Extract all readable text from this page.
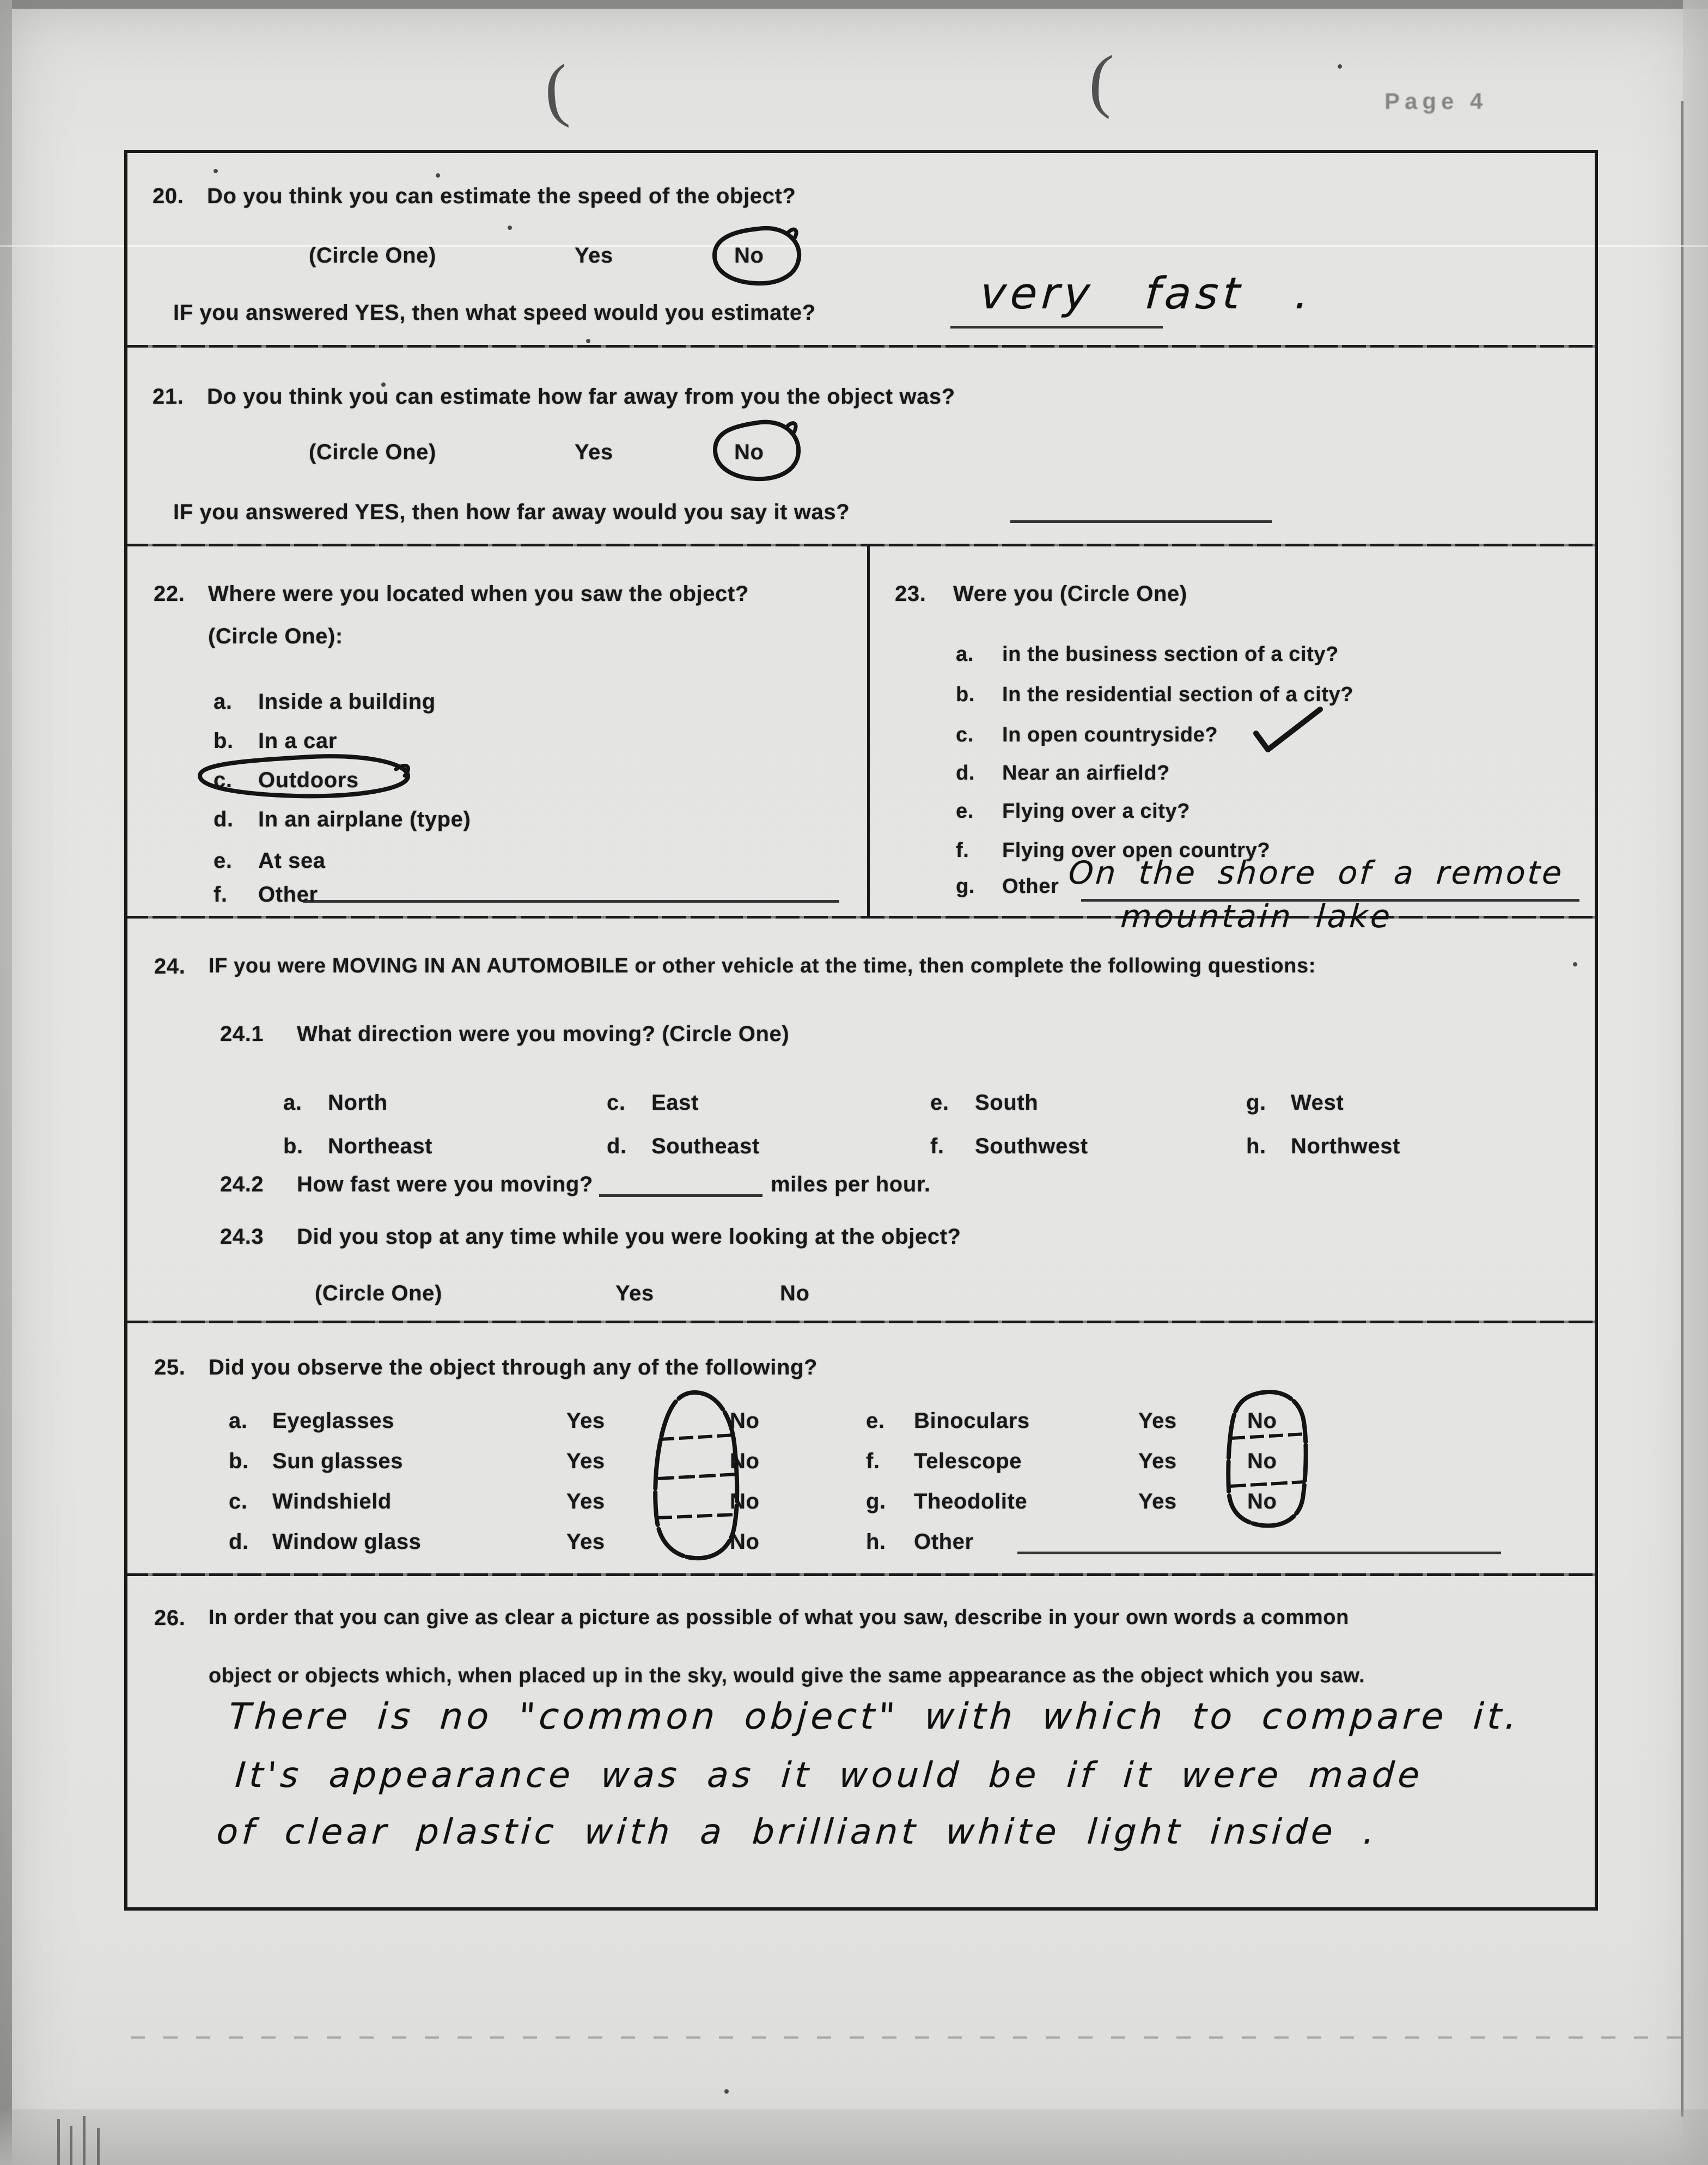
(	(	Page 4
20. Do you think you can estimate the speed of the object?
(Circle One)	Yes	No
IF you answered YES, then what speed would you estimate?	very fast .
21. Do you think you can estimate how far away from you the object was?
(Circle One)	Yes	No
IF you answered YES, then how far away would you say it was?
22. Where were you located when you saw the object?
(Circle One):
a. Inside a building
b. In a car
c. Outdoors
d. In an airplane (type)
e. At sea
f. Other
23. Were you (Circle One)
a. in the business section of a city?
b. In the residential section of a city?
c. In open countryside?
d. Near an airfield?
e. Flying over a city?
f. Flying over open country?
g. Other On the shore of a remote
mountain lake
24. IF you were MOVING IN AN AUTOMOBILE or other vehicle at the time, then complete the following questions:
24.1 What direction were you moving? (Circle One)
a. North	c. East	e. South	g. West
b. Northeast	d. Southeast	f. Southwest	h. Northwest
24.2 How fast were you moving?	miles per hour.
24.3 Did you stop at any time while you were looking at the object?
(Circle One)	Yes	No
25. Did you observe the object through any of the following?
a. Eyeglasses	Yes	No
b. Sun glasses	Yes	No
c. Windshield	Yes	No
d. Window glass	Yes	No
e. Binoculars	Yes	No
f. Telescope	Yes	No
g. Theodolite	Yes	No
h. Other
26. In order that you can give as clear a picture as possible of what you saw, describe in your own words a common
object or objects which, when placed up in the sky, would give the same appearance as the object which you saw.
There is no "common object" with which to compare it.
It's appearance was as it would be if it were made
of clear plastic with a brilliant white light inside .
